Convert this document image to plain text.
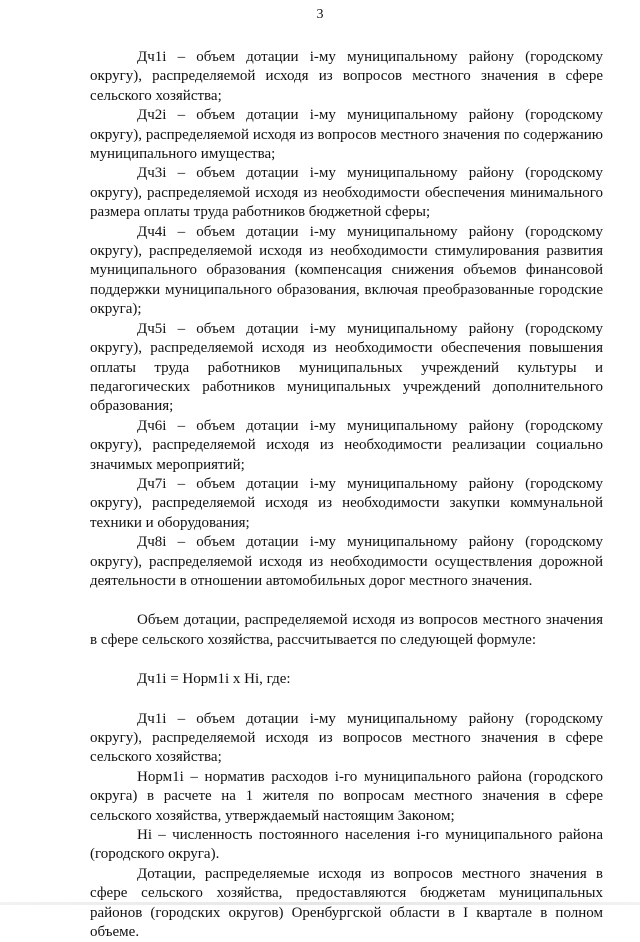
3

Дч1i – объем дотации i-му муниципальному району (городскому округу), распределяемой исходя из вопросов местного значения в сфере сельского хозяйства;

Дч2i – объем дотации i-му муниципальному району (городскому округу), распределяемой исходя из вопросов местного значения по содержанию муниципального имущества;

Дч3i – объем дотации i-му муниципальному району (городскому округу), распределяемой исходя из необходимости обеспечения минимального размера оплаты труда работников бюджетной сферы;

Дч4i – объем дотации i-му муниципальному району (городскому округу), распределяемой исходя из необходимости стимулирования развития муниципального образования (компенсация снижения объемов финансовой поддержки муниципального образования, включая преобразованные городские округа);

Дч5i – объем дотации i-му муниципальному району (городскому округу), распределяемой исходя из необходимости обеспечения повышения оплаты труда работников муниципальных учреждений культуры и педагогических работников муниципальных учреждений дополнительного образования;

Дч6i – объем дотации i-му муниципальному району (городскому округу), распределяемой исходя из необходимости реализации социально значимых мероприятий;

Дч7i – объем дотации i-му муниципальному району (городскому округу), распределяемой исходя из необходимости закупки коммунальной техники и оборудования;

Дч8i – объем дотации i-му муниципальному району (городскому округу), распределяемой исходя из необходимости осуществления дорожной деятельности в отношении автомобильных дорог местного значения.

Объем дотации, распределяемой исходя из вопросов местного значения в сфере сельского хозяйства, рассчитывается по следующей формуле:

Дч1i = Норм1i х Нi, где:

Дч1i – объем дотации i-му муниципальному району (городскому округу), распределяемой исходя из вопросов местного значения в сфере сельского хозяйства;

Норм1i – норматив расходов i-го муниципального района (городского округа) в расчете на 1 жителя по вопросам местного значения в сфере сельского хозяйства, утверждаемый настоящим Законом;

Нi – численность постоянного населения i-го муниципального района (городского округа).

Дотации, распределяемые исходя из вопросов местного значения в сфере сельского хозяйства, предоставляются бюджетам муниципальных районов (городских округов) Оренбургской области в I квартале в полном объеме.
